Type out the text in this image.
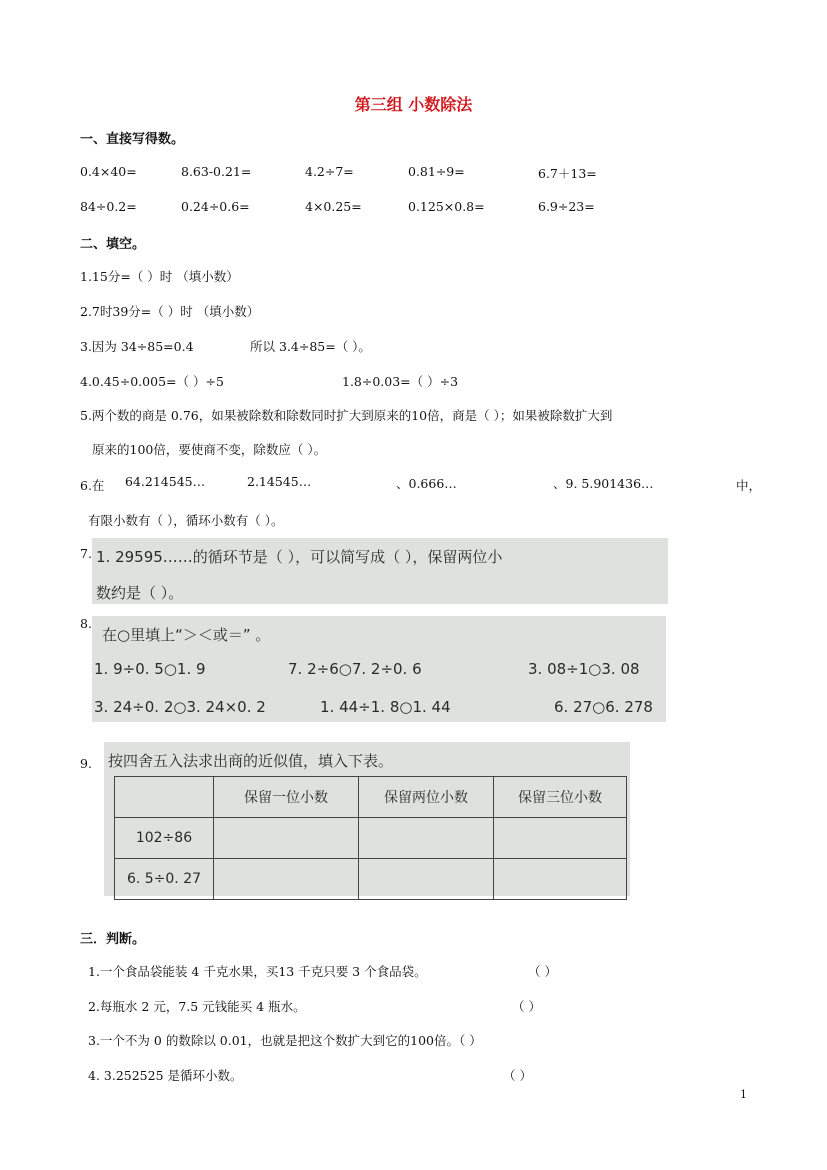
第三组 小数除法
一、直接写得数。
0.4×40=	8.63-0.21=	4.2÷7=	0.81÷9=	6.7＋13=
84÷0.2=	0.24÷0.6=	4×0.25=	0.125×0.8=	6.9÷23=
二、填空。
1.15分=（ ）时 （填小数）
2.7时39分=（ ）时 （填小数）
3.因为 34÷85=0.4	所以 3.4÷85=（ ）。
4.0.45÷0.005=（ ）÷5	1.8÷0.03=（ ）÷3
5.两个数的商是 0.76，如果被除数和除数同时扩大到原来的10倍，商是（ ）；如果被除数扩大到
原来的100倍，要使商不变，除数应（ ）。
6.在 64.214545…	2.14545…	、0.666…	、9. 5.901436…	中，
有限小数有（ ），循环小数有（ ）。
7. 1. 29595……的循环节是（ ），可以简写成（ ），保留两位小
数约是（ ）。
8.
在○里填上“＞＜或＝” 。
1. 9÷0. 5○1. 9	7. 2÷6○7. 2÷0. 6	3. 08÷1○3. 08
3. 24÷0. 2○3. 24×0. 2	1. 44÷1. 8○1. 44	6. 27○6. 278
9. 按四舍五入法求出商的近似值，填入下表。
	保留一位小数	保留两位小数	保留三位小数
102÷86			
6. 5÷0. 27			
三．判断。
1.一个食品袋能装 4 千克水果，买13 千克只要 3 个食品袋。	（ ）
2.每瓶水 2 元，7.5 元钱能买 4 瓶水。	（ ）
3.一个不为 0 的数除以 0.01，也就是把这个数扩大到它的100倍。（ ）
4. 3.252525 是循环小数。	（ ）
1
